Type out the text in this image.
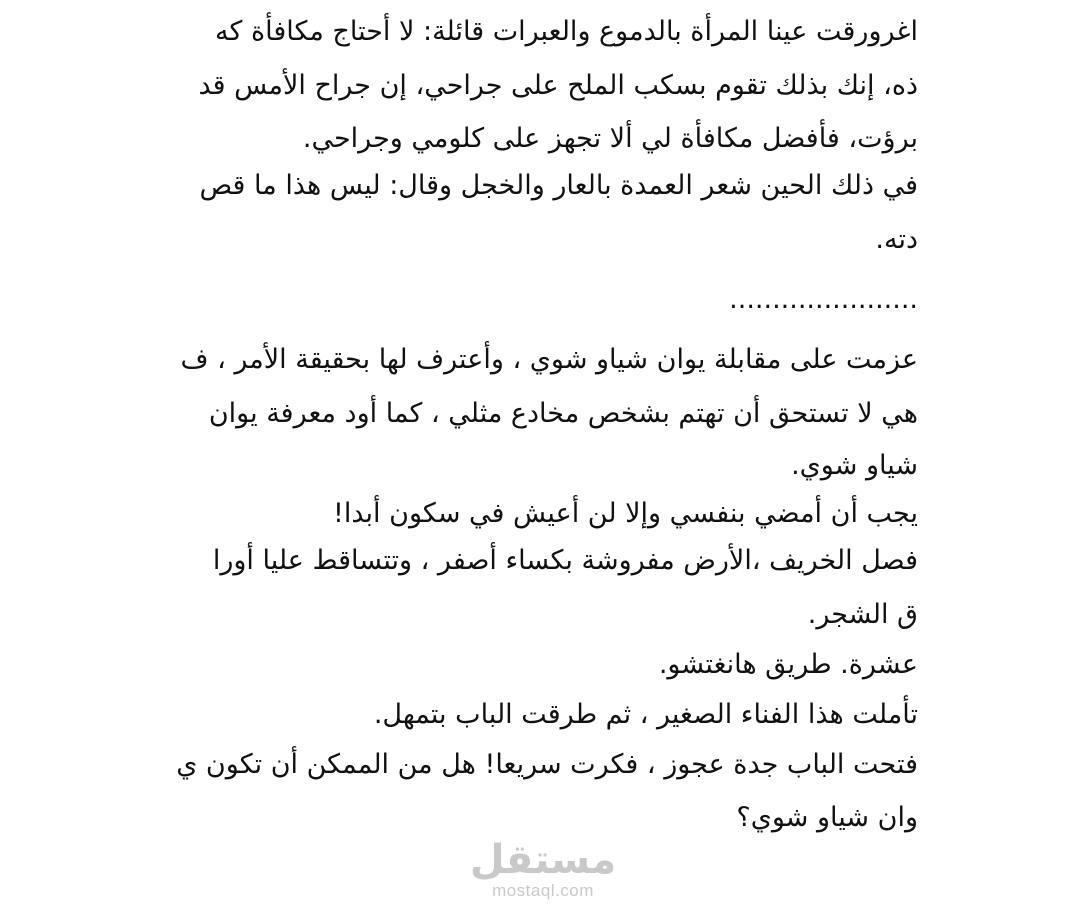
اغرورقت عينا المرأة بالدموع والعبرات قائلة: لا أحتاج مكافأة كه
ذه، إنك بذلك تقوم بسكب الملح على جراحي، إن جراح الأمس قد
برؤت، فأفضل مكافأة لي ألا تجهز على كلومي وجراحي.
في ذلك الحين شعر العمدة بالعار والخجل وقال: ليس هذا ما قص
دته.
......................
عزمت على مقابلة يوان شياو شوي ، وأعترف لها بحقيقة الأمر ، ف
هي لا تستحق أن تهتم بشخص مخادع مثلي ، كما أود معرفة يوان
شياو شوي.
يجب أن أمضي بنفسي وإلا لن أعيش في سكون أبدا!
فصل الخريف ،الأرض مفروشة بكساء أصفر ، وتتساقط عليا أورا
ق الشجر.
عشرة. طريق هانغتشو.
تأملت هذا الفناء الصغير ، ثم طرقت الباب بتمهل.
فتحت الباب جدة عجوز ، فكرت سريعا! هل من الممكن أن تكون ي
وان شياو شوي؟
مستقل
mostaql.com
